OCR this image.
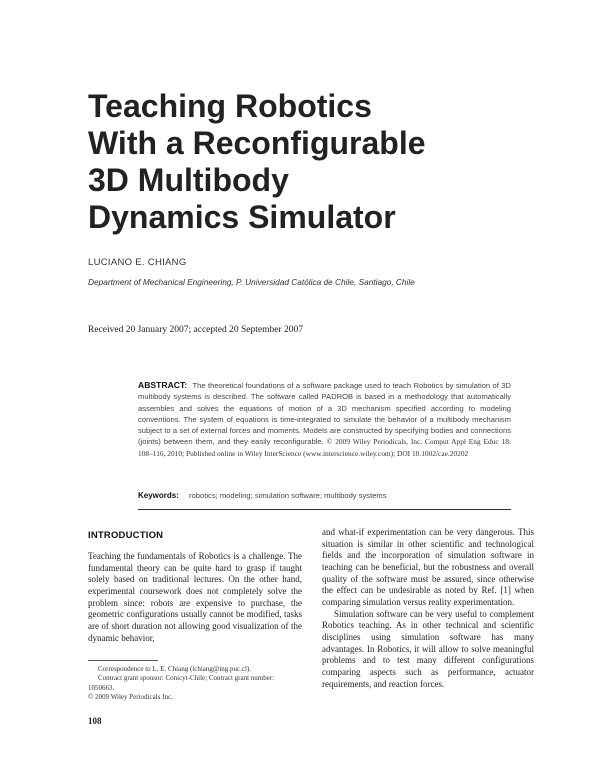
Teaching Robotics
With a Reconfigurable
3D Multibody
Dynamics Simulator
LUCIANO E. CHIANG
Department of Mechanical Engineering, P. Universidad Católica de Chile, Santiago, Chile
Received 20 January 2007; accepted 20 September 2007

ABSTRACT: The theoretical foundations of a software package used to teach Robotics by simulation of 3D multibody systems is described. The software called PADROB is based in a methodology that automatically assembles and solves the equations of motion of a 3D mechanism specified according to modeling conventions. The system of equations is time-integrated to simulate the behavior of a multibody mechanism subject to a set of external forces and moments. Models are constructed by specifying bodies and connections (joints) between them, and they easily reconfigurable. © 2009 Wiley Periodicals, Inc. Comput Appl Eng Educ 18: 108–116, 2010; Published online in Wiley InterScience (www.interscience.wiley.com); DOI 10.1002/cae.20202

Keywords: robotics; modeling; simulation software; multibody systems
INTRODUCTION

Teaching the fundamentals of Robotics is a challenge. The fundamental theory can be quite hard to grasp if taught solely based on traditional lectures. On the other hand, experimental coursework does not completely solve the problem since: robots are expensive to purchase, the geometric configurations usually cannot be modified, tasks are of short duration not allowing good visualization of the dynamic behavior,

and what-if experimentation can be very dangerous. This situation is similar in other scientific and technological fields and the incorporation of simulation software in teaching can be beneficial, but the robustness and overall quality of the software must be assured, since otherwise the effect can be undesirable as noted by Ref. [1] when comparing simulation versus reality experimentation.
Simulation software can be very useful to complement Robotics teaching. As in other technical and scientific disciplines using simulation software has many advantages. In Robotics, it will allow to solve meaningful problems and to test many different configurations comparing aspects such as performance, actuator requirements, and reaction forces.
Correspondence to L. E. Chiang (lchiang@ing.puc.cl).
Contract grant sponsor: Conicyt-Chile; Contract grant number: 1050663.
© 2009 Wiley Periodicals Inc.
108
